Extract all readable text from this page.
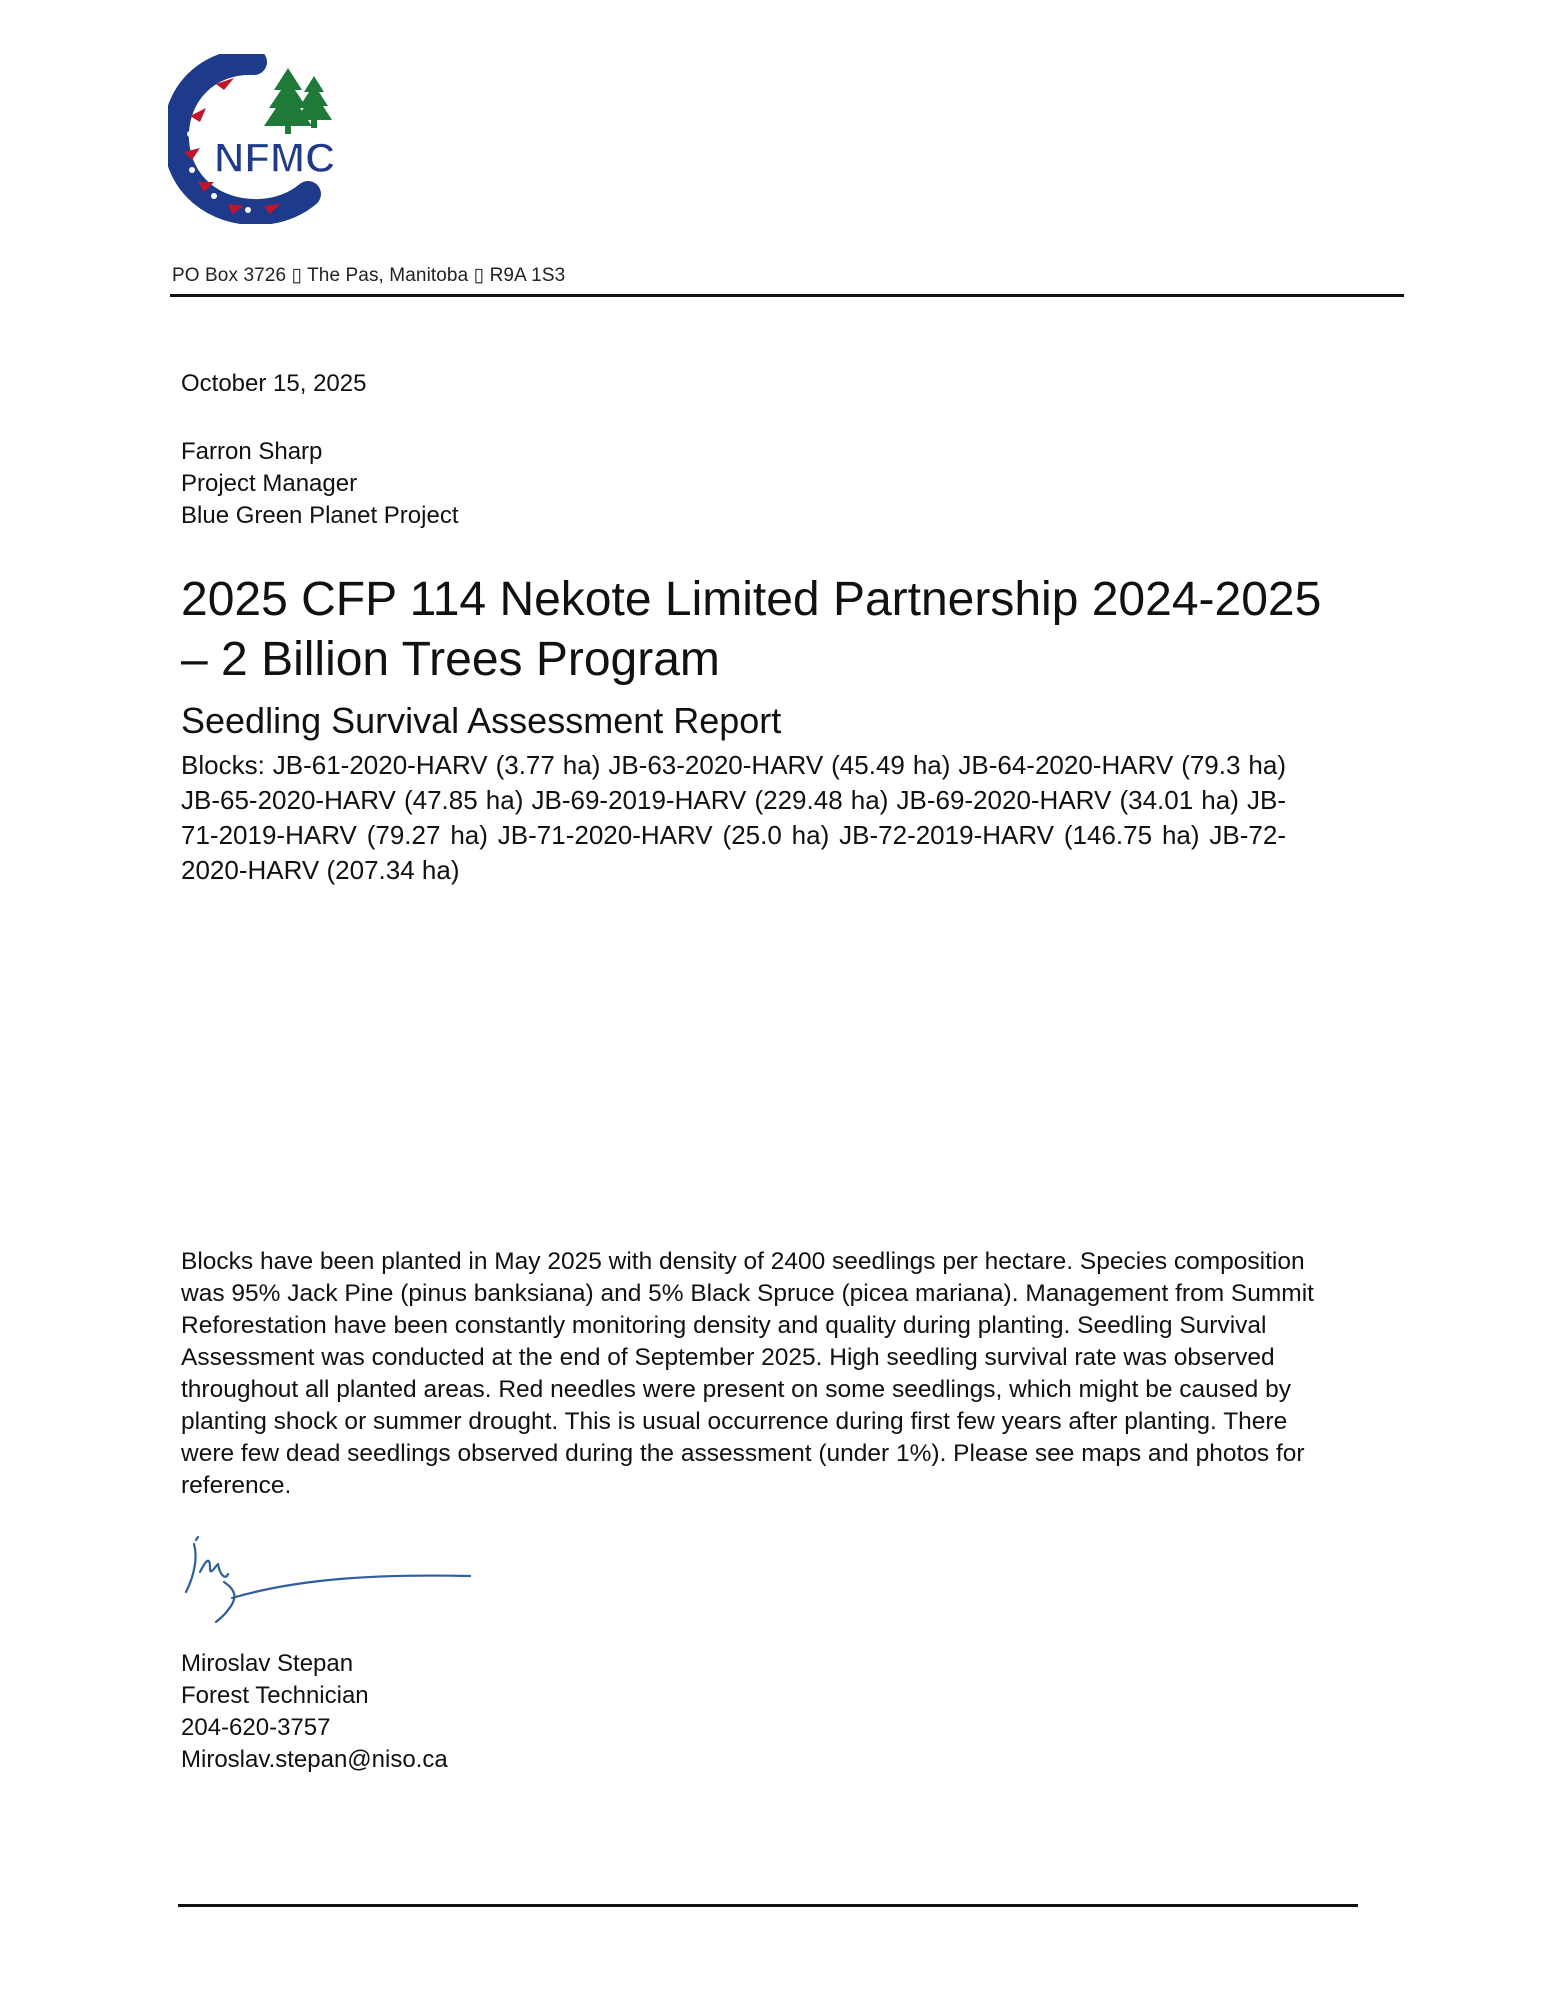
NFMC
PO Box 3726 ▯ The Pas, Manitoba ▯ R9A 1S3
October 15, 2025
Farron Sharp
Project Manager
Blue Green Planet Project
2025 CFP 114 Nekote Limited Partnership 2024-2025
– 2 Billion Trees Program
Seedling Survival Assessment Report
Blocks: JB-61-2020-HARV (3.77 ha) JB-63-2020-HARV (45.49 ha) JB-64-2020-HARV (79.3 ha) JB-65-2020-HARV (47.85 ha) JB-69-2019-HARV (229.48 ha) JB-69-2020-HARV (34.01 ha) JB-71-2019-HARV (79.27 ha) JB-71-2020-HARV (25.0 ha) JB-72-2019-HARV (146.75 ha) JB-72-2020-HARV (207.34 ha)
Blocks have been planted in May 2025 with density of 2400 seedlings per hectare. Species composition was 95% Jack Pine (pinus banksiana) and 5% Black Spruce (picea mariana). Management from Summit Reforestation have been constantly monitoring density and quality during planting. Seedling Survival Assessment was conducted at the end of September 2025. High seedling survival rate was observed throughout all planted areas. Red needles were present on some seedlings, which might be caused by planting shock or summer drought. This is usual occurrence during first few years after planting. There were few dead seedlings observed during the assessment (under 1%). Please see maps and photos for reference.
Miroslav Stepan
Forest Technician
204-620-3757
Miroslav.stepan@niso.ca
